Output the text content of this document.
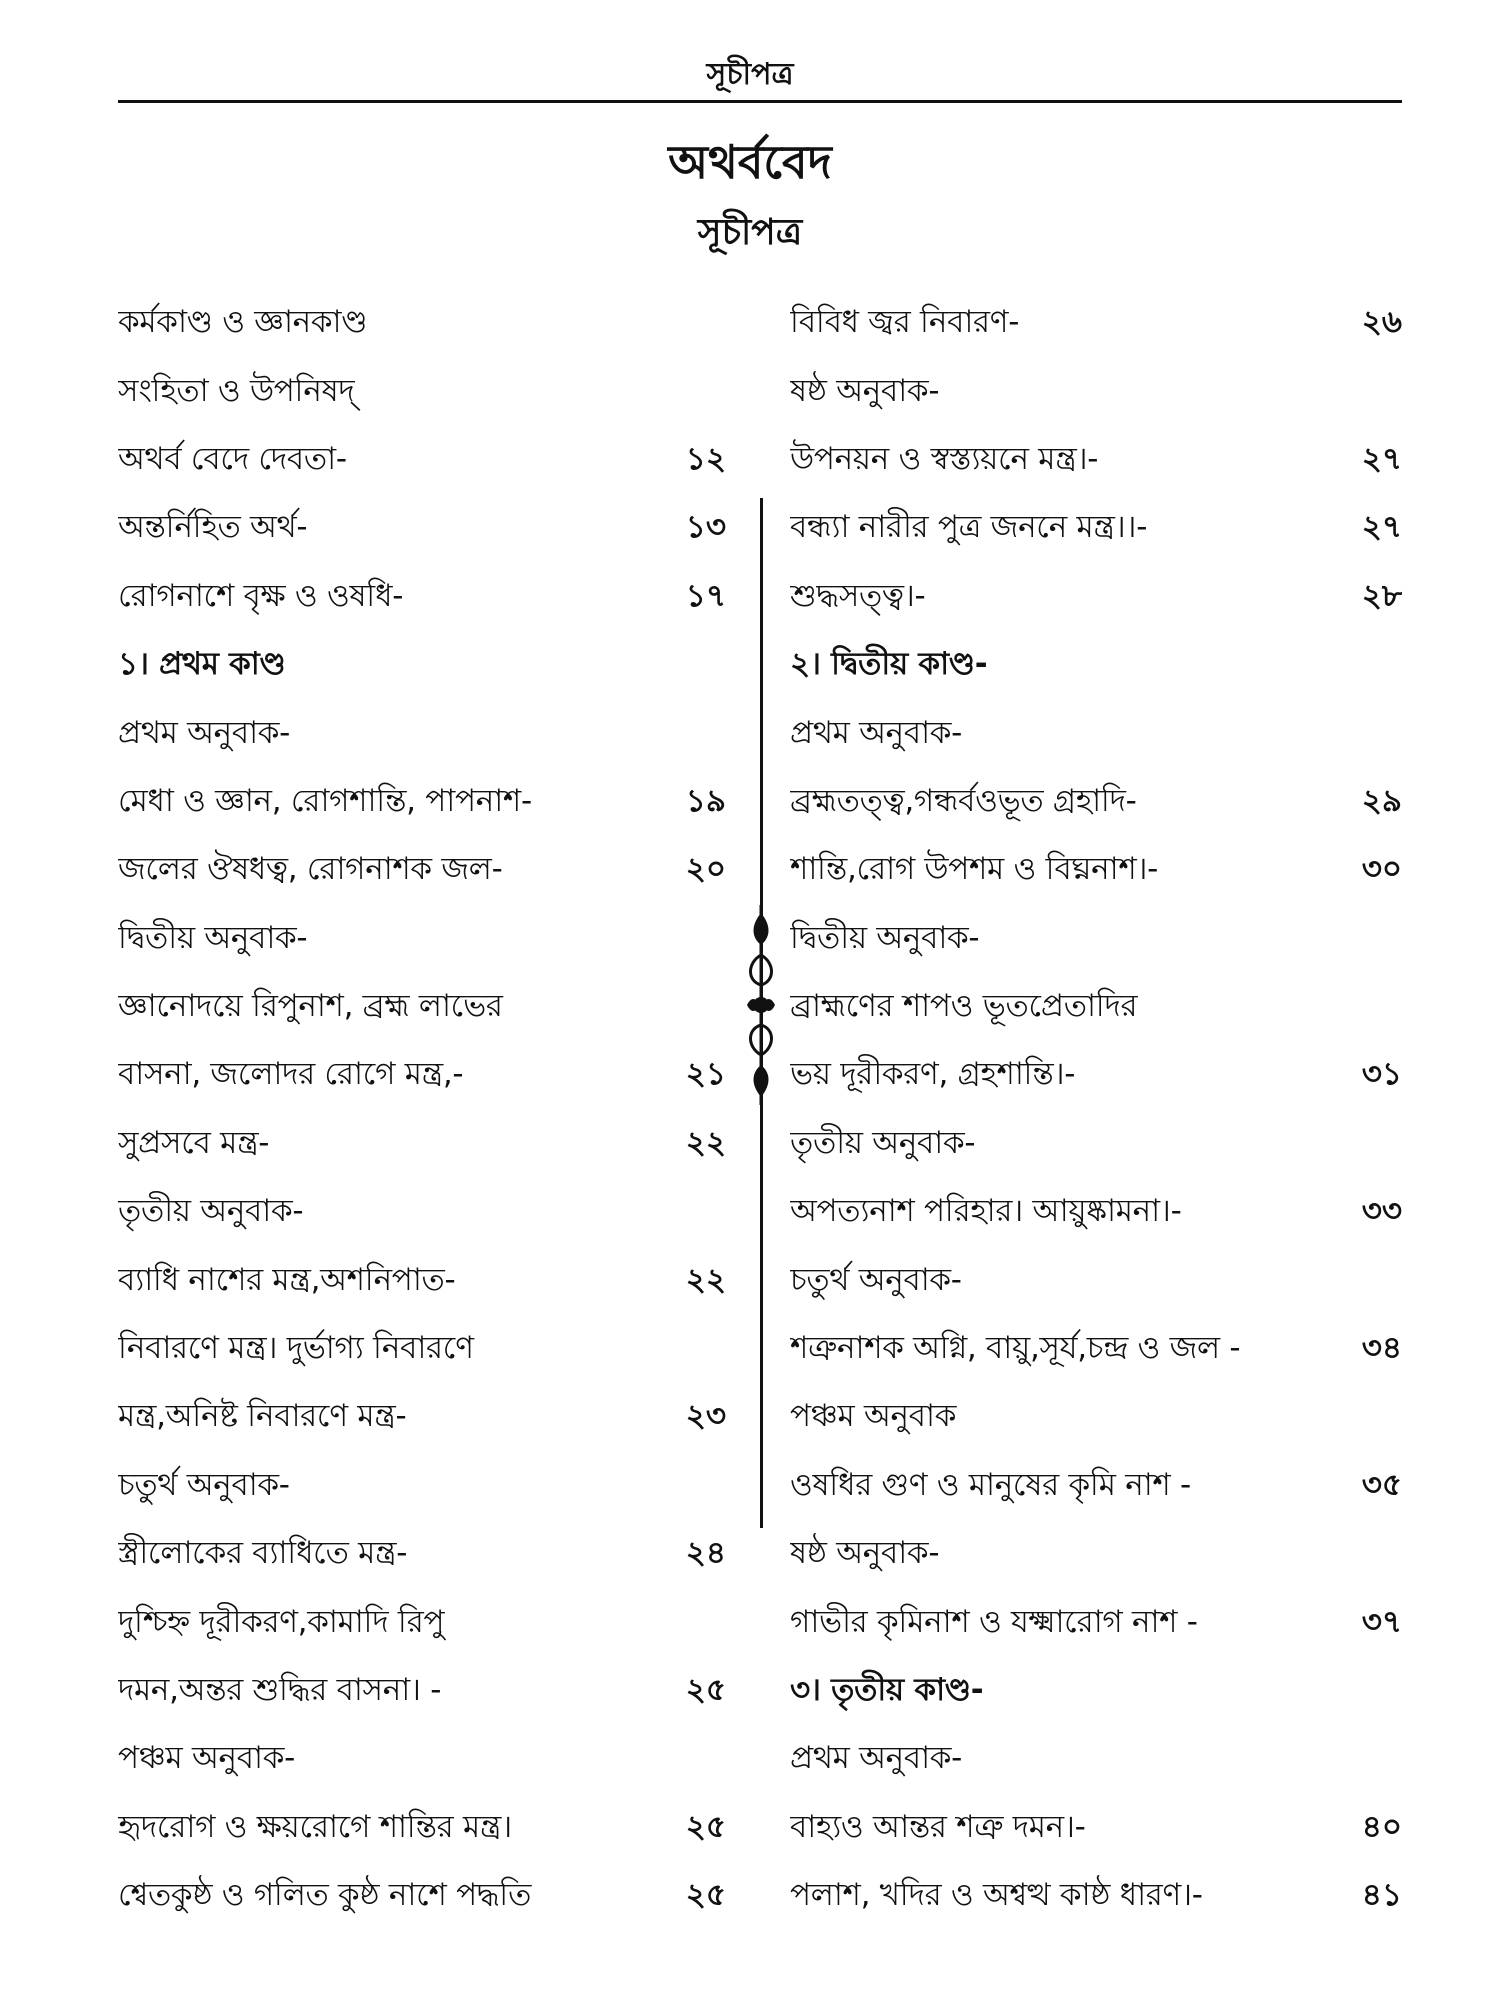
সূচীপত্র
অথর্ববেদ
সূচীপত্র
কর্মকাণ্ড ও জ্ঞানকাণ্ড
সংহিতা ও উপনিষদ্
অথর্ব বেদে দেবতা-	১২
অন্তর্নিহিত অর্থ-	১৩
রোগনাশে বৃক্ষ ও ওষধি-	১৭
১। প্রথম কাণ্ড
প্রথম অনুবাক-
মেধা ও জ্ঞান, রোগশান্তি, পাপনাশ-	১৯
জলের ঔষধত্ব, রোগনাশক জল-	২০
দ্বিতীয় অনুবাক-
জ্ঞানোদয়ে রিপুনাশ, ব্রহ্ম লাভের
বাসনা, জলোদর রোগে মন্ত্র,-	২১
সুপ্রসবে মন্ত্র-	২২
তৃতীয় অনুবাক-
ব্যাধি নাশের মন্ত্র,অশনিপাত-	২২
নিবারণে মন্ত্র। দুর্ভাগ্য নিবারণে
মন্ত্র,অনিষ্ট নিবারণে মন্ত্র-	২৩
চতুর্থ অনুবাক-
স্ত্রীলোকের ব্যাধিতে মন্ত্র-	২৪
দুশ্চিহ্ন দূরীকরণ,কামাদি রিপু
দমন,অন্তর শুদ্ধির বাসনা। -	২৫
পঞ্চম অনুবাক-
হৃদরোগ ও ক্ষয়রোগে শান্তির মন্ত্র।	২৫
শ্বেতকুষ্ঠ ও গলিত কুষ্ঠ নাশে পদ্ধতি	২৫
বিবিধ জ্বর নিবারণ-	২৬
ষষ্ঠ অনুবাক-
উপনয়ন ও স্বস্ত্যয়নে মন্ত্র।-	২৭
বন্ধ্যা নারীর পুত্র জননে মন্ত্র।।-	২৭
শুদ্ধসত্ত্ব।-	২৮
২। দ্বিতীয় কাণ্ড-
প্রথম অনুবাক-
ব্রহ্মতত্ত্ব,গন্ধর্বওভূত গ্রহাদি-	২৯
শান্তি,রোগ উপশম ও বিঘ্ননাশ।-	৩০
দ্বিতীয় অনুবাক-
ব্রাহ্মণের শাপও ভূতপ্রেতাদির
ভয় দূরীকরণ, গ্রহশান্তি।-	৩১
তৃতীয় অনুবাক-
অপত্যনাশ পরিহার। আয়ুষ্কামনা।-	৩৩
চতুর্থ অনুবাক-
শত্রুনাশক অগ্নি, বায়ু,সূর্য,চন্দ্র ও জল -	৩৪
পঞ্চম অনুবাক
ওষধির গুণ ও মানুষের কৃমি নাশ -	৩৫
ষষ্ঠ অনুবাক-
গাভীর কৃমিনাশ ও যক্ষ্মারোগ নাশ -	৩৭
৩। তৃতীয় কাণ্ড-
প্রথম অনুবাক-
বাহ্যও আন্তর শত্রু দমন।-	৪০
পলাশ, খদির ও অশ্বত্থ কাষ্ঠ ধারণ।-	৪১
